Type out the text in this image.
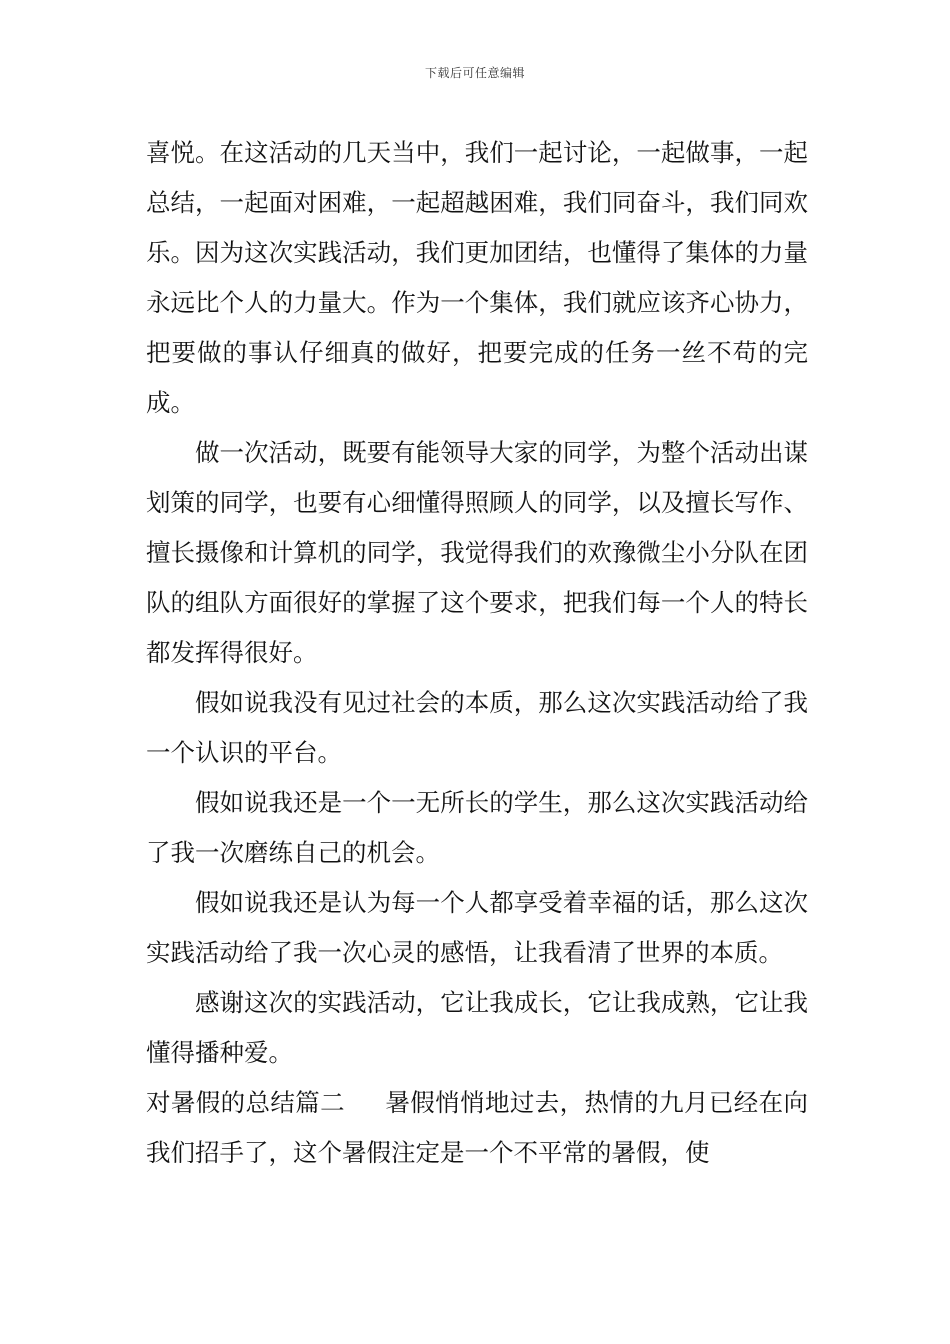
下载后可任意编辑

喜悦。在这活动的几天当中，我们一起讨论，一起做事，一起总结，一起面对困难，一起超越困难，我们同奋斗，我们同欢乐。因为这次实践活动，我们更加团结，也懂得了集体的力量永远比个人的力量大。作为一个集体，我们就应该齐心协力，把要做的事认仔细真的做好，把要完成的任务一丝不苟的完成。

做一次活动，既要有能领导大家的同学，为整个活动出谋划策的同学，也要有心细懂得照顾人的同学，以及擅长写作、擅长摄像和计算机的同学，我觉得我们的欢豫微尘小分队在团队的组队方面很好的掌握了这个要求，把我们每一个人的特长都发挥得很好。

假如说我没有见过社会的本质，那么这次实践活动给了我一个认识的平台。

假如说我还是一个一无所长的学生，那么这次实践活动给了我一次磨练自己的机会。

假如说我还是认为每一个人都享受着幸福的话，那么这次实践活动给了我一次心灵的感悟，让我看清了世界的本质。

感谢这次的实践活动，它让我成长，它让我成熟，它让我懂得播种爱。

对暑假的总结篇二 暑假悄悄地过去，热情的九月已经在向我们招手了，这个暑假注定是一个不平常的暑假，使
